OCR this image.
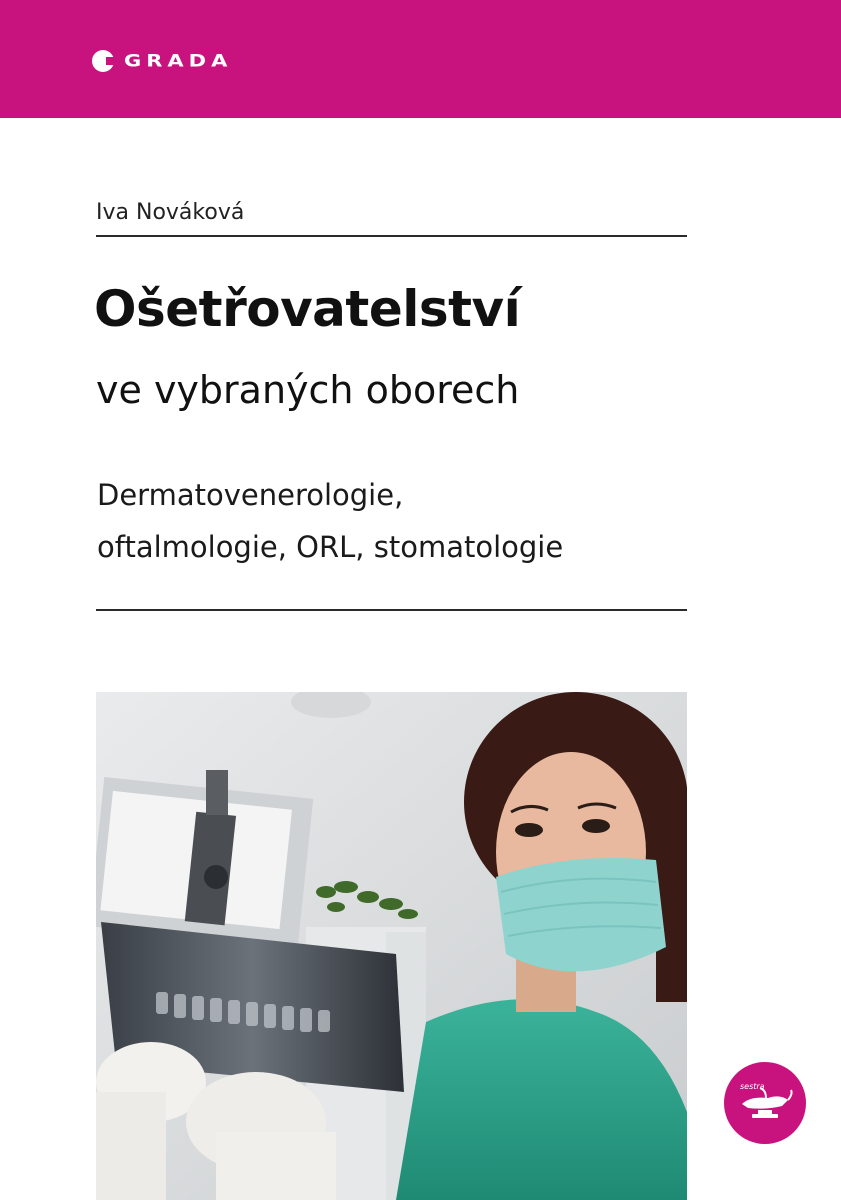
GRADA
Iva Nováková
Ošetřovatelství
ve vybraných oborech
Dermatovenerologie,
oftalmologie, ORL, stomatologie
sestra
